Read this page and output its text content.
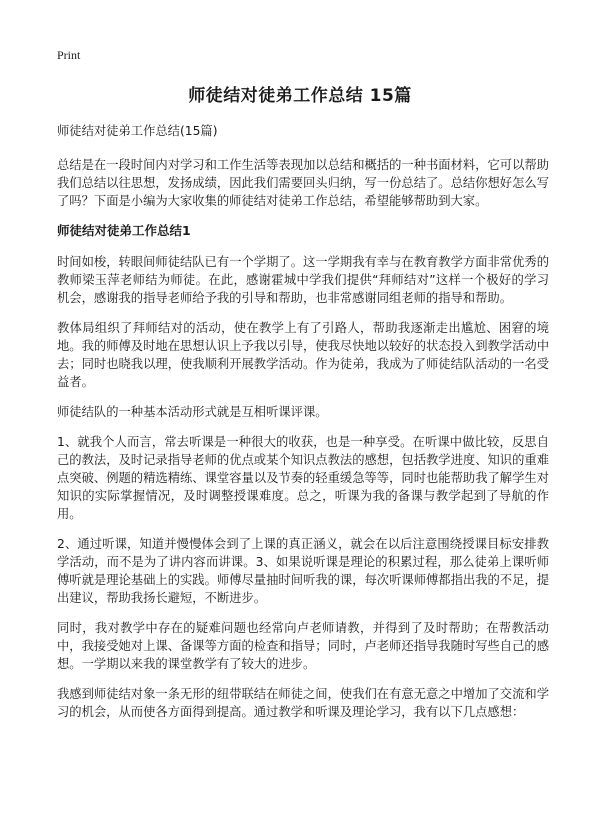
Print
师徒结对徒弟工作总结 15篇

师徒结对徒弟工作总结(15篇)

总结是在一段时间内对学习和工作生活等表现加以总结和概括的一种书面材料，它可以帮助我们总结以往思想，发扬成绩，因此我们需要回头归纳，写一份总结了。总结你想好怎么写了吗？下面是小编为大家收集的师徒结对徒弟工作总结，希望能够帮助到大家。

师徒结对徒弟工作总结1

时间如梭，转眼间师徒结队已有一个学期了。这一学期我有幸与在教育教学方面非常优秀的教师梁玉萍老师结为师徒。在此，感谢霍城中学我们提供“拜师结对”这样一个极好的学习机会，感谢我的指导老师给予我的引导和帮助，也非常感谢同组老师的指导和帮助。

教体局组织了拜师结对的活动，使在教学上有了引路人，帮助我逐渐走出尴尬、困窘的境地。我的师傅及时地在思想认识上予我以引导，使我尽快地以较好的状态投入到教学活动中去；同时也晓我以理，使我顺利开展教学活动。作为徒弟，我成为了师徒结队活动的一名受益者。

师徒结队的一种基本活动形式就是互相听课评课。

1、就我个人而言，常去听课是一种很大的收获，也是一种享受。在听课中做比较，反思自己的教法，及时记录指导老师的优点或某个知识点教法的感想，包括教学进度、知识的重难点突破、例题的精选精练、课堂容量以及节奏的轻重缓急等等，同时也能帮助我了解学生对知识的实际掌握情况，及时调整授课难度。总之，听课为我的备课与教学起到了导航的作用。

2、通过听课，知道并慢慢体会到了上课的真正涵义，就会在以后注意围绕授课目标安排教学活动，而不是为了讲内容而讲课。3、如果说听课是理论的积累过程，那么徒弟上课听师傅听就是理论基础上的实践。师傅尽量抽时间听我的课，每次听课师傅都指出我的不足，提出建议，帮助我扬长避短，不断进步。

同时，我对教学中存在的疑难问题也经常向卢老师请教，并得到了及时帮助；在帮教活动中，我接受她对上课、备课等方面的检查和指导；同时，卢老师还指导我随时写些自己的感想。一学期以来我的课堂教学有了较大的进步。

我感到师徒结对象一条无形的纽带联结在师徒之间，使我们在有意无意之中增加了交流和学习的机会，从而使各方面得到提高。通过教学和听课及理论学习，我有以下几点感想：
